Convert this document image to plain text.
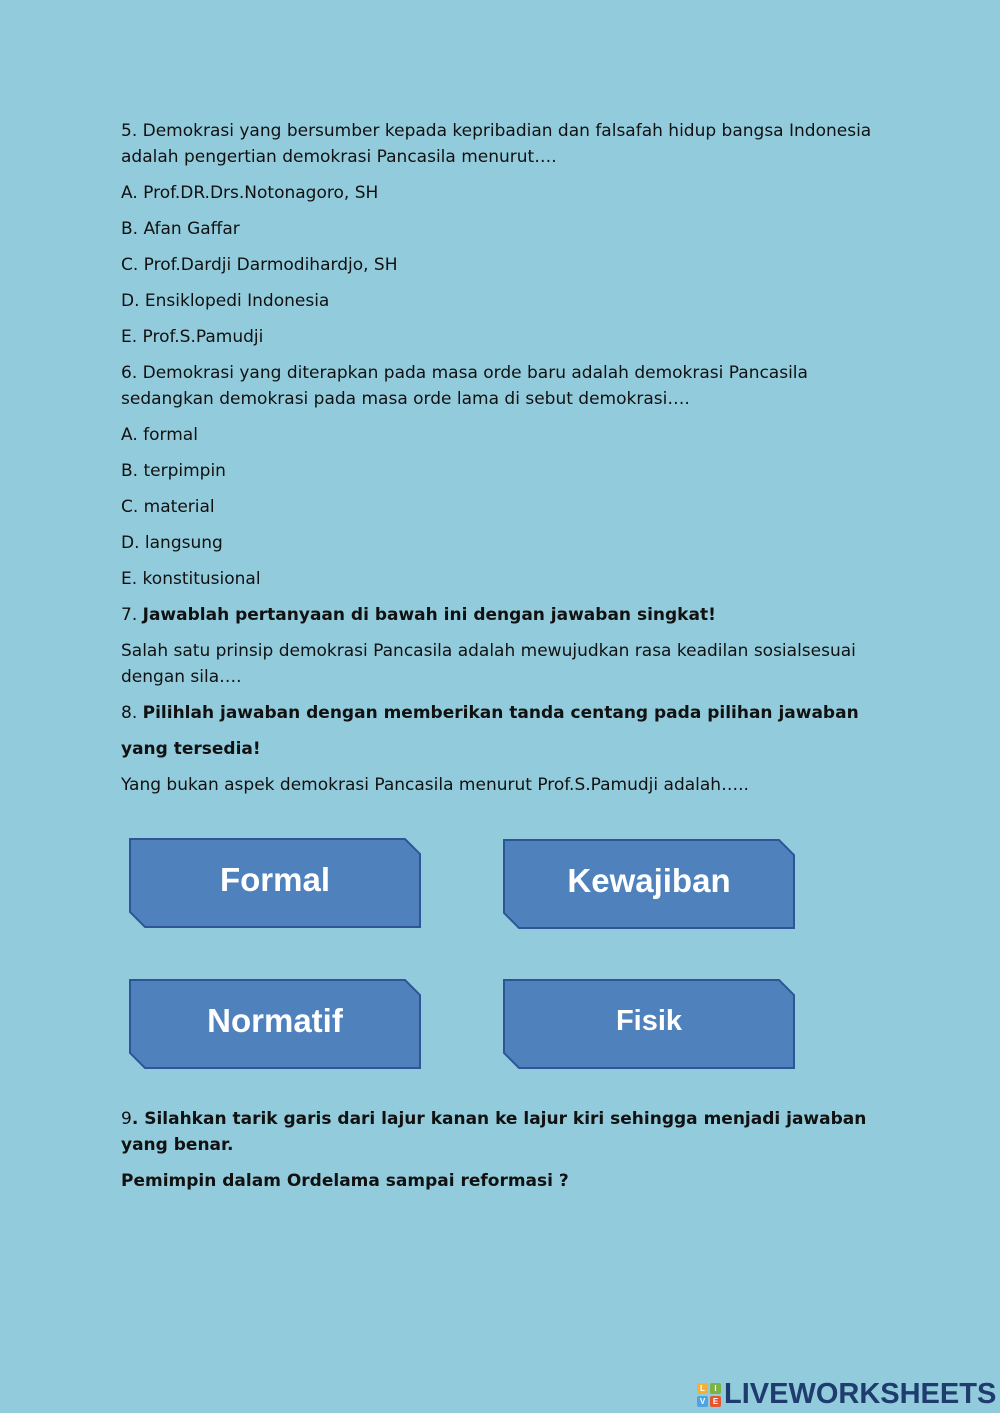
5. Demokrasi yang bersumber kepada kepribadian dan falsafah hidup bangsa Indonesia adalah pengertian demokrasi Pancasila menurut….

A. Prof.DR.Drs.Notonagoro, SH

B. Afan Gaffar

C. Prof.Dardji Darmodihardjo, SH

D. Ensiklopedi Indonesia

E. Prof.S.Pamudji

6. Demokrasi yang diterapkan pada masa orde baru adalah demokrasi Pancasila sedangkan demokrasi pada masa orde lama di sebut demokrasi….

A. formal

B. terpimpin

C. material

D. langsung

E. konstitusional

7. Jawablah pertanyaan di bawah ini dengan jawaban singkat!

Salah satu prinsip demokrasi Pancasila adalah mewujudkan rasa keadilan sosialsesuai dengan sila….

8. Pilihlah jawaban dengan memberikan tanda centang pada pilihan jawaban

yang tersedia!

Yang bukan aspek demokrasi Pancasila menurut Prof.S.Pamudji adalah…..

Formal	Kewajiban
Normatif	Fisik

9. Silahkan tarik garis dari lajur kanan ke lajur kiri sehingga menjadi jawaban yang benar.

Pemimpin dalam Ordelama sampai reformasi ?

L	I
V E LIVEWORKSHEETS
